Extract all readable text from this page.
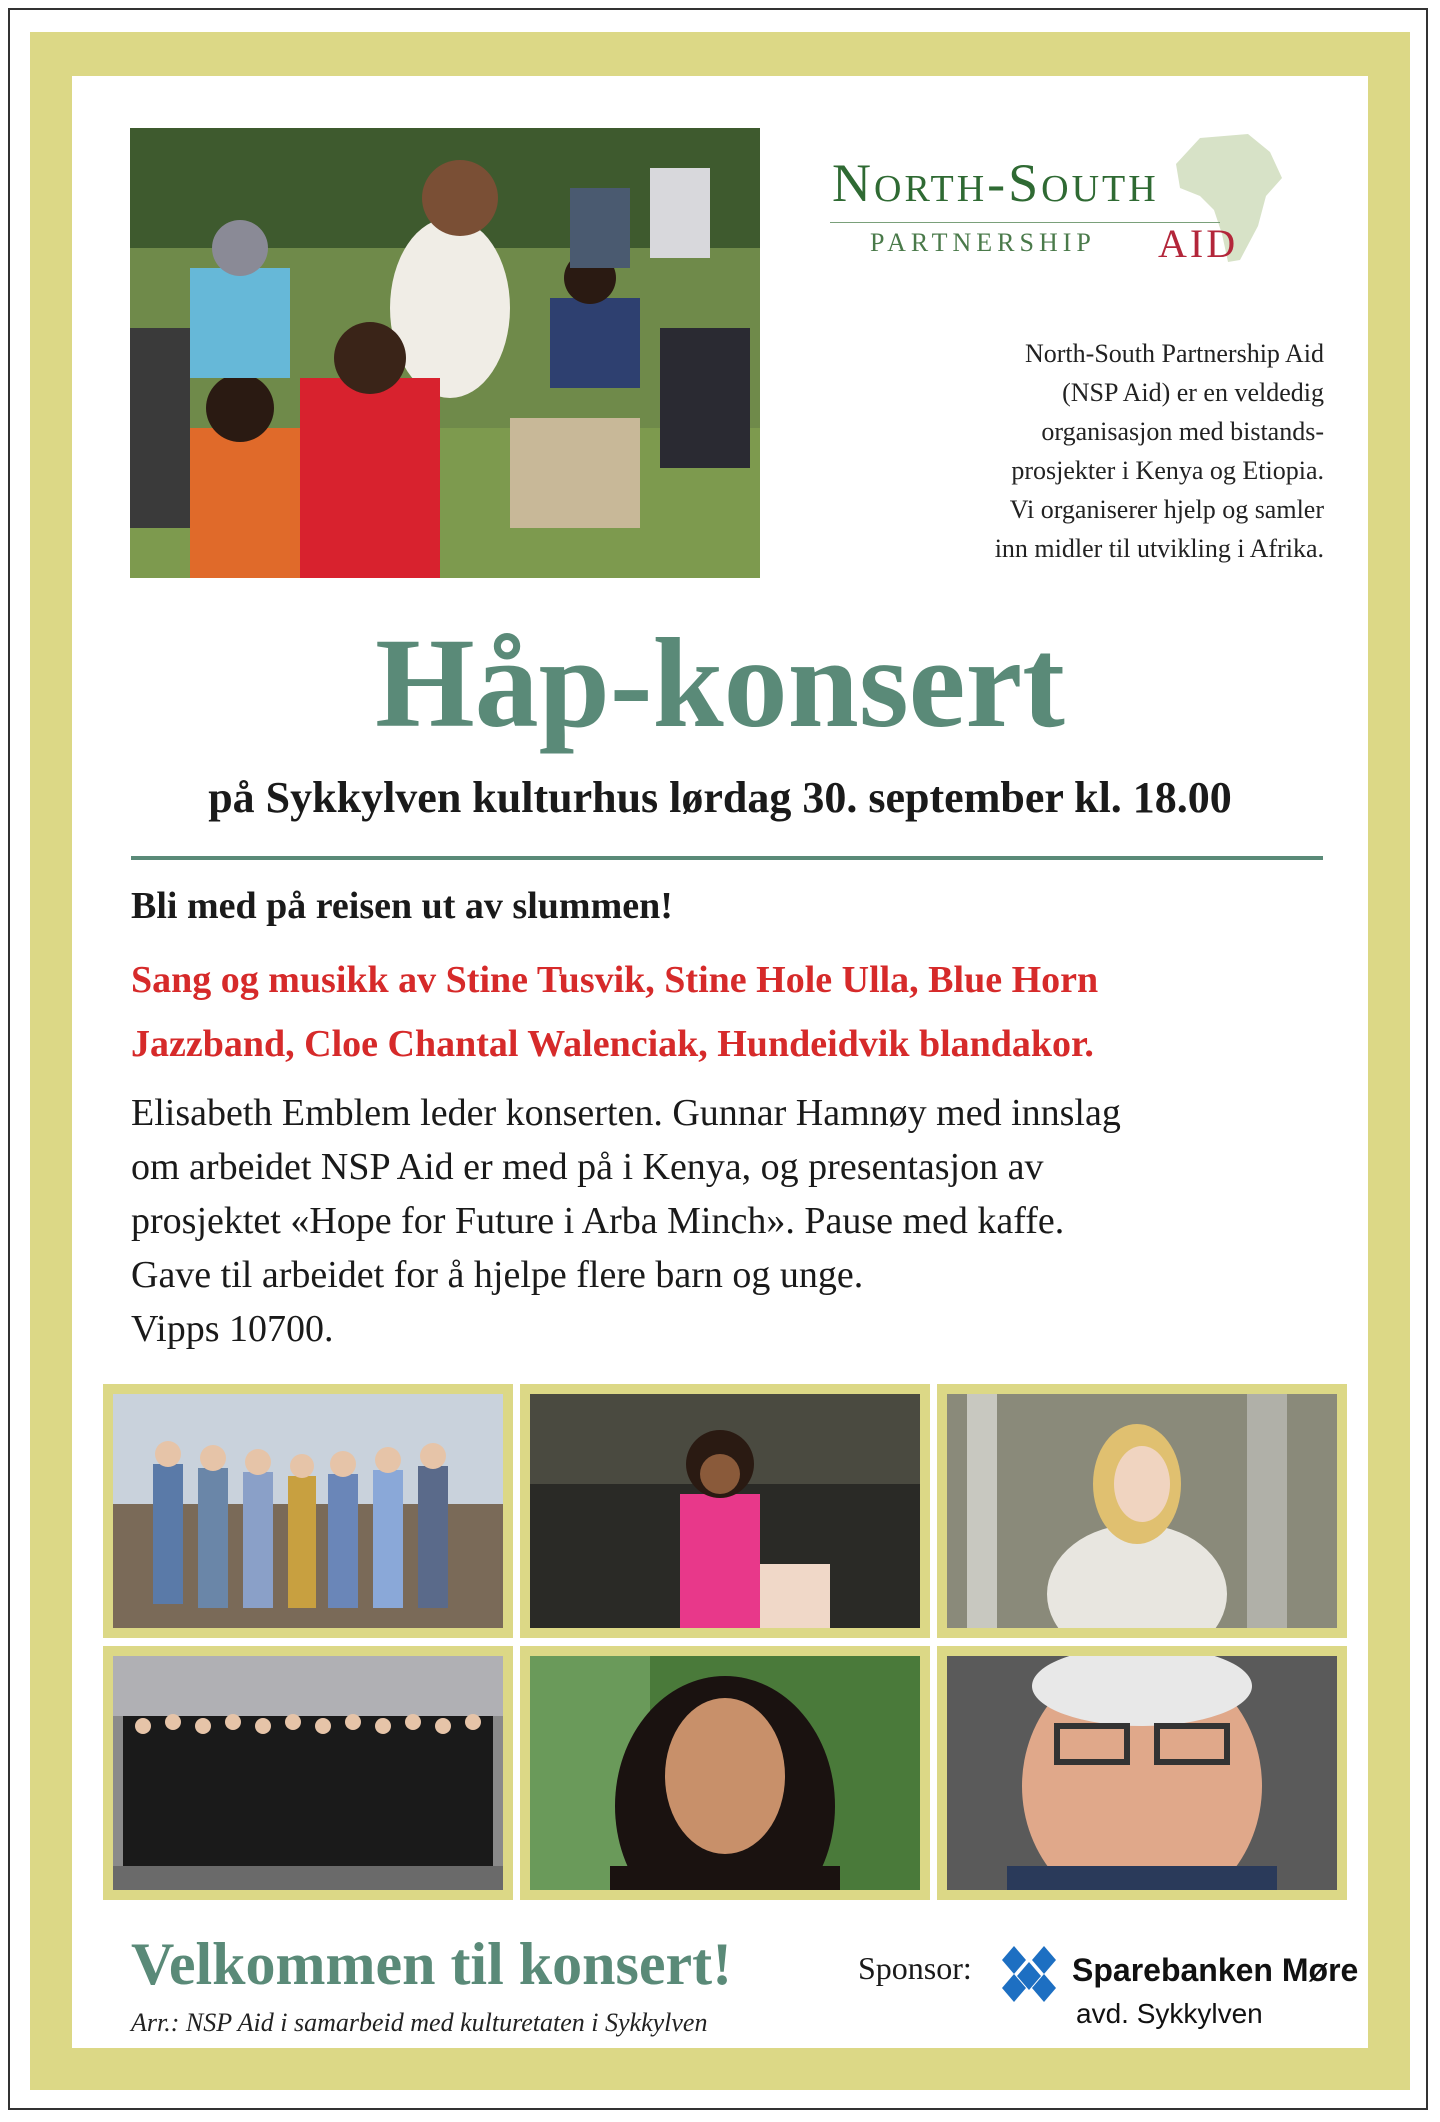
North-South
PARTNERSHIP AID
North-South Partnership Aid
(NSP Aid) er en veldedig
organisasjon med bistands-
prosjekter i Kenya og Etiopia.
Vi organiserer hjelp og samler
inn midler til utvikling i Afrika.
Håp-konsert
på Sykkylven kulturhus lørdag 30. september kl. 18.00
Bli med på reisen ut av slummen!
Sang og musikk av Stine Tusvik, Stine Hole Ulla, Blue Horn
Jazzband, Cloe Chantal Walenciak, Hundeidvik blandakor.
Elisabeth Emblem leder konserten. Gunnar Hamnøy med innslag
om arbeidet NSP Aid er med på i Kenya, og presentasjon av
prosjektet «Hope for Future i Arba Minch». Pause med kaffe.
Gave til arbeidet for å hjelpe flere barn og unge.
Vipps 10700.
Velkommen til konsert!
Arr.: NSP Aid i samarbeid med kulturetaten i Sykkylven
Sponsor:	Sparebanken Møre
avd. Sykkylven
